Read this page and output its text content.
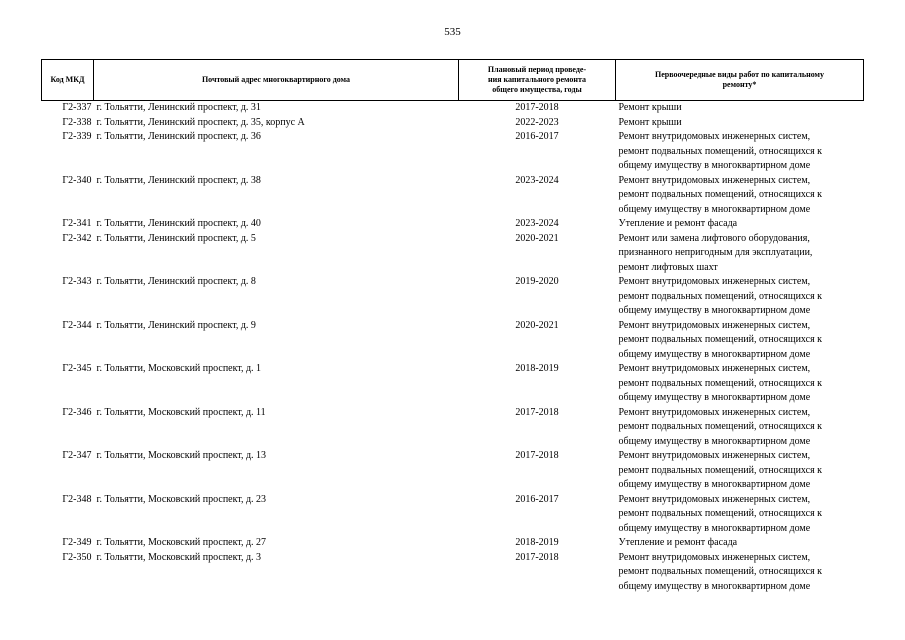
535
Код МКД	Почтовый адрес многоквартирного дома	Плановый период проведе-
ния капитального ремонта
общего имущества, годы	Первоочередные виды работ по капитальному
ремонту*

Г2-337	г. Тольятти, Ленинский проспект, д. 31	2017-2018	Ремонт крыши

Г2-338	г. Тольятти, Ленинский проспект, д. 35, корпус А	2022-2023	Ремонт крыши

Г2-339	г. Тольятти, Ленинский проспект, д. 36	2016-2017	Ремонт внутридомовых инженерных систем,
ремонт подвальных помещений, относящихся к
общему имуществу в многоквартирном доме

Г2-340	г. Тольятти, Ленинский проспект, д. 38	2023-2024	Ремонт внутридомовых инженерных систем,
ремонт подвальных помещений, относящихся к
общему имуществу в многоквартирном доме

Г2-341	г. Тольятти, Ленинский проспект, д. 40	2023-2024	Утепление и ремонт фасада

Г2-342	г. Тольятти, Ленинский проспект, д. 5	2020-2021	Ремонт или замена лифтового оборудования,
признанного непригодным для эксплуатации,
ремонт лифтовых шахт

Г2-343	г. Тольятти, Ленинский проспект, д. 8	2019-2020	Ремонт внутридомовых инженерных систем,
ремонт подвальных помещений, относящихся к
общему имуществу в многоквартирном доме

Г2-344	г. Тольятти, Ленинский проспект, д. 9	2020-2021	Ремонт внутридомовых инженерных систем,
ремонт подвальных помещений, относящихся к
общему имуществу в многоквартирном доме

Г2-345	г. Тольятти, Московский проспект, д. 1	2018-2019	Ремонт внутридомовых инженерных систем,
ремонт подвальных помещений, относящихся к
общему имуществу в многоквартирном доме

Г2-346	г. Тольятти, Московский проспект, д. 11	2017-2018	Ремонт внутридомовых инженерных систем,
ремонт подвальных помещений, относящихся к
общему имуществу в многоквартирном доме

Г2-347	г. Тольятти, Московский проспект, д. 13	2017-2018	Ремонт внутридомовых инженерных систем,
ремонт подвальных помещений, относящихся к
общему имуществу в многоквартирном доме

Г2-348	г. Тольятти, Московский проспект, д. 23	2016-2017	Ремонт внутридомовых инженерных систем,
ремонт подвальных помещений, относящихся к
общему имуществу в многоквартирном доме

Г2-349	г. Тольятти, Московский проспект, д. 27	2018-2019	Утепление и ремонт фасада

Г2-350	г. Тольятти, Московский проспект, д. 3	2017-2018	Ремонт внутридомовых инженерных систем,
ремонт подвальных помещений, относящихся к
общему имуществу в многоквартирном доме
